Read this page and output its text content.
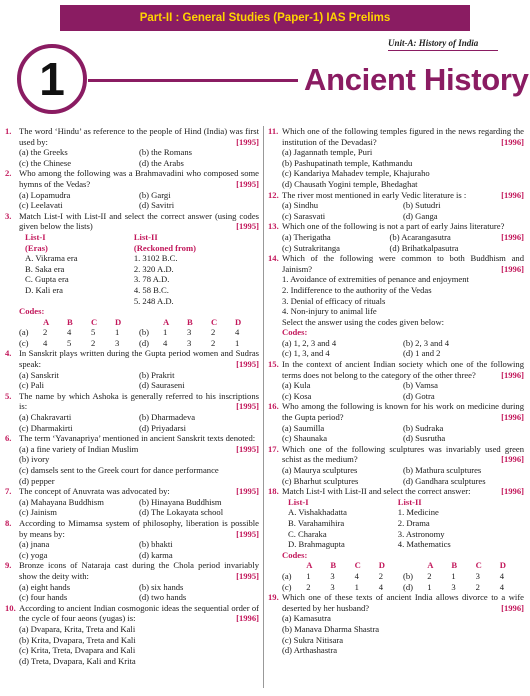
Part-II : General Studies (Paper-1) IAS Prelims
Unit-A: History of India
1	Ancient History
1. The word ‘Hindu’ as reference to the people of Hind (India) was first used by:	[1995]
(a) the Greeks	(b) the Romans
(c) the Chinese	(d) the Arabs
2. Who among the following was a Brahmavadini who composed some hymns of the Vedas?	[1995]
(a) Lopamudra	(b) Gargi
(c) Leelavati	(d) Savitri
3. Match List-I with List-II and select the correct answer (using codes given below the lists)	[1995]
List-I
(Eras)
A. Vikrama era
B. Saka era
C. Gupta era
D. Kali era
List-II
(Reckoned from)
1. 3102 B.C.
2. 320 A.D.
3. 78 A.D.
4. 58 B.C.
5. 248 A.D.
Codes:
A	B	C	D	A	B	C	D
(a)	2	4	5	1	(b)	1	3	2	4
(c)	4	5	2	3	(d)	4	3	2	1
4. In Sanskrit plays written during the Gupta period women and Sudras speak:	[1995]
(a) Sanskrit	(b) Prakrit
(c) Pali	(d) Sauraseni
5. The name by which Ashoka is generally referred to his inscriptions is:	[1995]
(a) Chakravarti	(b) Dharmadeva
(c) Dharmakirti	(d) Priyadarsi
6. The term ‘Yavanapriya’ mentioned in ancient Sanskrit texts denoted:
[1995]
(a) a fine variety of Indian Muslim
(b) ivory
(c) damsels sent to the Greek court for dance performance
(d) pepper
7. The concept of Anuvrata was advocated by:	[1995]
(a) Mahayana Buddhism	(b) Hinayana Buddhism
(c) Jainism	(d) The Lokayata school
8. According to Mimamsa system of philosophy, liberation is possible by means by:	[1995]
(a) jnana	(b) bhakti
(c) yoga	(d) karma
9. Bronze icons of Nataraja cast during the Chola period invariably show the deity with:	[1995]
(a) eight hands	(b) six hands
(c) four hands	(d) two hands
10. According to ancient Indian cosmogonic ideas the sequential order of the cycle of four aeons (yugas) is:	[1996]
(a) Dvapara, Krita, Treta and Kali
(b) Krita, Dvapara, Treta and Kali
(c) Krita, Treta, Dvapara and Kali
(d) Treta, Dvapara, Kali and Krita
11. Which one of the following temples figured in the news regarding the institution of the Devadasi?	[1996]
(a) Jagannath temple, Puri
(b) Pashupatinath temple, Kathmandu
(c) Kandariya Mahadev temple, Khajuraho
(d) Chausath Yogini temple, Bhedaghat
12. The river most mentioned in early Vedic literature is :	[1996]
(a) Sindhu	(b) Sutudri
(c) Sarasvati	(d) Ganga
13. Which one of the following is not a part of early Jains literature?
[1996]
(a) Therigatha	(b) Acarangasutra
(c) Sutrakritanga	(d) Brihatkalpasutra
14. Which of the following were common to both Buddhism and Jainism?	[1996]
1. Avoidance of extremities of penance and enjoyment
2. Indifference to the authority of the Vedas
3. Denial of efficacy of rituals
4. Non-injury to animal life
Select the answer using the codes given below:
Codes:
(a) 1, 2, 3 and 4	(b) 2, 3 and 4
(c) 1, 3, and 4	(d) 1 and 2
15. In the context of ancient Indian society which one of the following terms does not belong to the category of the other three?	[1996]
(a) Kula	(b) Vamsa
(c) Kosa	(d) Gotra
16. Who among the following is known for his work on medicine during the Gupta period?	[1996]
(a) Saumilla	(b) Sudraka
(c) Shaunaka	(d) Susrutha
17. Which one of the following sculptures was invariably used green schist as the medium?	[1996]
(a) Maurya sculptures	(b) Mathura sculptures
(c) Bharhut sculptures	(d) Gandhara sculptures
18. Match List-I with List-II and select the correct answer:	[1996]
List-I
A. Vishakhadatta
B. Varahamihira
C. Charaka
D. Brahmagupta
List-II
1. Medicine
2. Drama
3. Astronomy
4. Mathematics
Codes:
A	B	C	D	A	B	C	D
(a)	1	3	4	2	(b)	2	1	3	4
(c)	2	3	1	4	(d)	1	3	2	4
19. Which one of these texts of ancient India allows divorce to a wife deserted by her husband?	[1996]
(a) Kamasutra
(b) Manava Dharma Shastra
(c) Sukra Nitisara
(d) Arthashastra
